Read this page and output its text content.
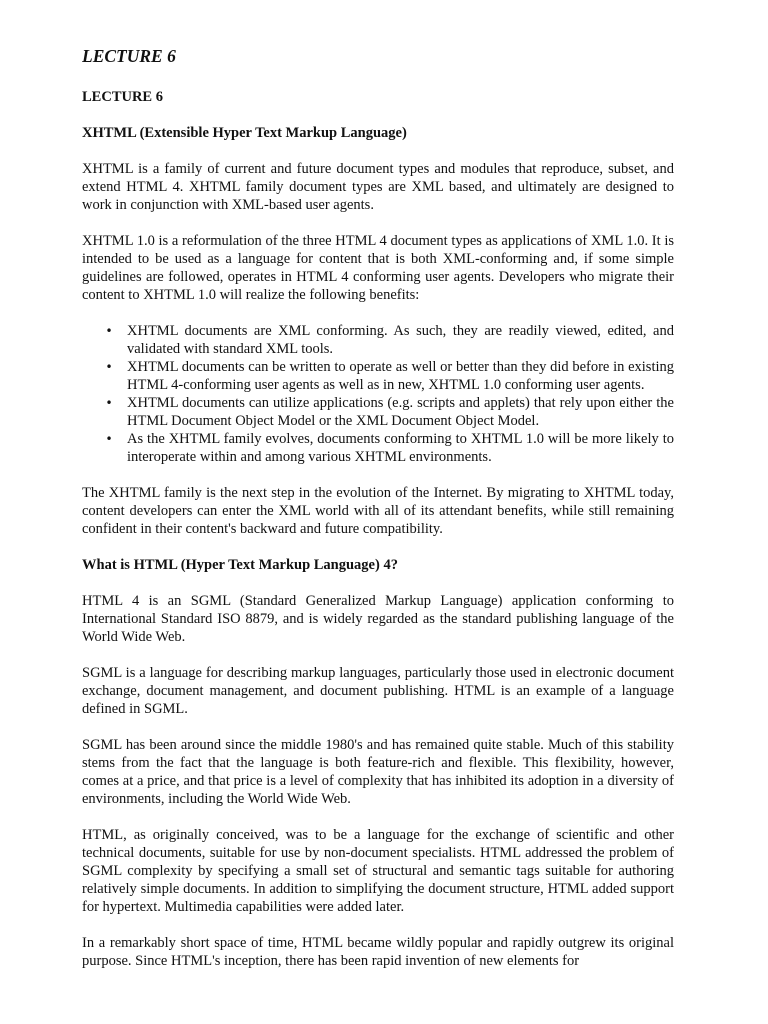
LECTURE 6
LECTURE 6
XHTML (Extensible Hyper Text Markup Language)

XHTML is a family of current and future document types and modules that reproduce, subset, and extend HTML 4. XHTML family document types are XML based, and ultimately are designed to work in conjunction with XML-based user agents.

XHTML 1.0 is a reformulation of the three HTML 4 document types as applications of XML 1.0. It is intended to be used as a language for content that is both XML-conforming and, if some simple guidelines are followed, operates in HTML 4 conforming user agents. Developers who migrate their content to XHTML 1.0 will realize the following benefits:

• XHTML documents are XML conforming. As such, they are readily viewed, edited, and validated with standard XML tools.
• XHTML documents can be written to operate as well or better than they did before in existing HTML 4-conforming user agents as well as in new, XHTML 1.0 conforming user agents.
• XHTML documents can utilize applications (e.g. scripts and applets) that rely upon either the HTML Document Object Model or the XML Document Object Model.
• As the XHTML family evolves, documents conforming to XHTML 1.0 will be more likely to interoperate within and among various XHTML environments.

The XHTML family is the next step in the evolution of the Internet. By migrating to XHTML today, content developers can enter the XML world with all of its attendant benefits, while still remaining confident in their content's backward and future compatibility.

What is HTML (Hyper Text Markup Language) 4?

HTML 4 is an SGML (Standard Generalized Markup Language) application conforming to International Standard ISO 8879, and is widely regarded as the standard publishing language of the World Wide Web.

SGML is a language for describing markup languages, particularly those used in electronic document exchange, document management, and document publishing. HTML is an example of a language defined in SGML.

SGML has been around since the middle 1980's and has remained quite stable. Much of this stability stems from the fact that the language is both feature-rich and flexible. This flexibility, however, comes at a price, and that price is a level of complexity that has inhibited its adoption in a diversity of environments, including the World Wide Web.

HTML, as originally conceived, was to be a language for the exchange of scientific and other technical documents, suitable for use by non-document specialists. HTML addressed the problem of SGML complexity by specifying a small set of structural and semantic tags suitable for authoring relatively simple documents. In addition to simplifying the document structure, HTML added support for hypertext. Multimedia capabilities were added later.

In a remarkably short space of time, HTML became wildly popular and rapidly outgrew its original purpose. Since HTML's inception, there has been rapid invention of new elements for
